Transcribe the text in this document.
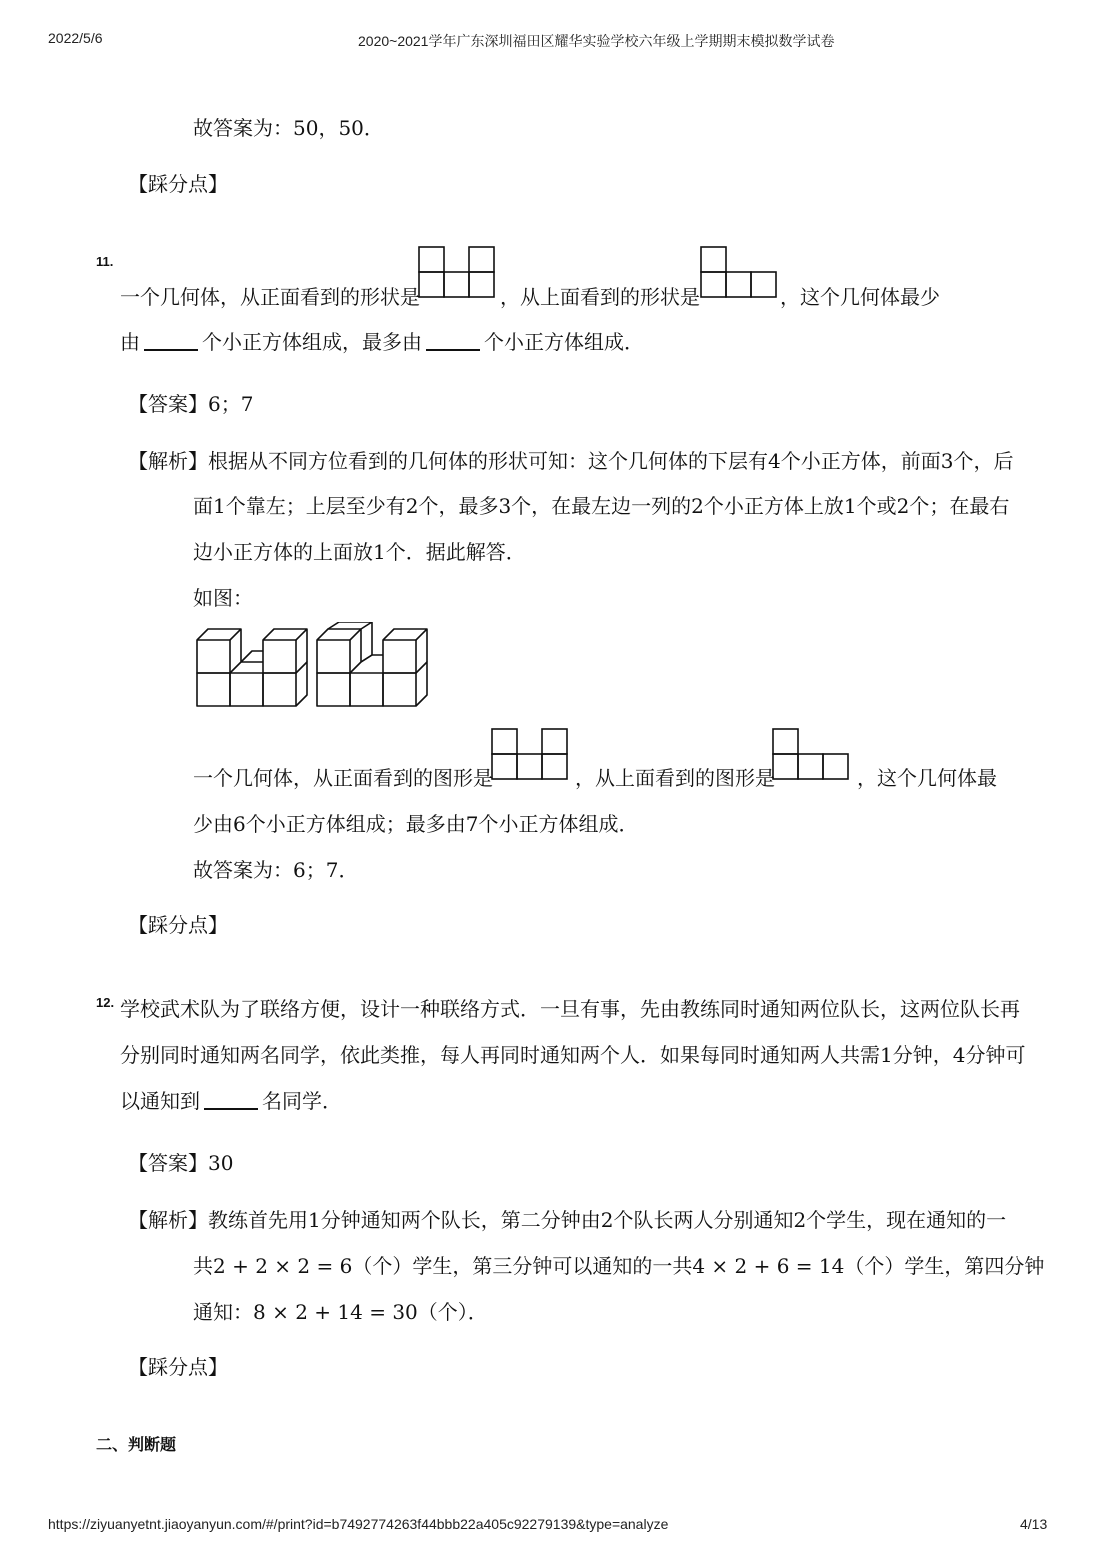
2022/5/6	2020~2021学年广东深圳福田区耀华实验学校六年级上学期期末模拟数学试卷
故答案为：50，50．
【踩分点】
11.
一个几何体，从正面看到的形状是	，从上面看到的形状是	，这个几何体最少
由	个小正方体组成，最多由	个小正方体组成．
【答案】6；7
【解析】根据从不同方位看到的几何体的形状可知：这个几何体的下层有4个小正方体，前面3个，后
面1个靠左；上层至少有2个，最多3个，在最左边一列的2个小正方体上放1个或2个；在最右
边小正方体的上面放1个．据此解答．
如图：
一个几何体，从正面看到的图形是	，从上面看到的图形是	，这个几何体最
少由6个小正方体组成；最多由7个小正方体组成．
故答案为：6；7．
【踩分点】
12. 学校武术队为了联络方便，设计一种联络方式．一旦有事，先由教练同时通知两位队长，这两位队长再
分别同时通知两名同学，依此类推，每人再同时通知两个人．如果每同时通知两人共需1分钟，4分钟可
以通知到	名同学．
【答案】30
【解析】教练首先用1分钟通知两个队长，第二分钟由2个队长两人分别通知2个学生，现在通知的一
共2 + 2 × 2 = 6（个）学生，第三分钟可以通知的一共4 × 2 + 6 = 14（个）学生，第四分钟
通知：8 × 2 + 14 = 30（个）．
【踩分点】
二、判断题
https://ziyuanyetnt.jiaoyanyun.com/#/print?id=b7492774263f44bbb22a405c92279139&type=analyze	4/13
